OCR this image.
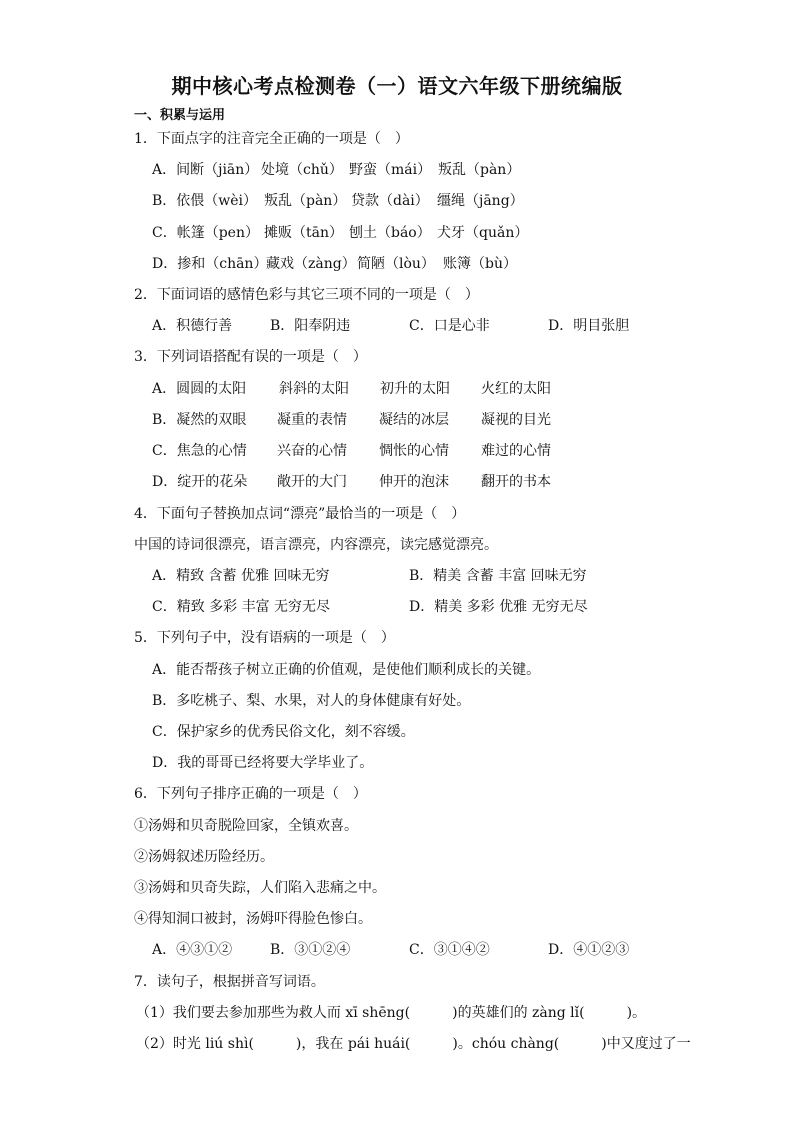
期中核心考点检测卷（一）语文六年级下册统编版
一、积累与运用
1．下面点字的注音完全正确的一项是（　）
A．间断（jiān） 处境（chǔ） 野蛮（mái） 叛乱（pàn）
B．依偎（wèi） 叛乱（pàn） 贷款（dài） 缰绳（jāng）
C．帐篷（pen） 摊贩（tān） 刨土（báo） 犬牙（quǎn）
D．掺和（chān）
藏戏（zàng） 简陋（lòu） 账簿（bù）
2．下面词语的感情色彩与其它三项不同的一项是（　）
A．积德行善	B．阳奉阴违	C．口是心非	D．明目张胆
3．下列词语搭配有误的一项是（　）
A．圆圆的太阳 斜斜的太阳 初升的太阳 火红的太阳
B．凝然的双眼 凝重的表情 凝结的冰层 凝视的目光
C．焦急的心情 兴奋的心情 惆怅的心情 难过的心情
D．绽开的花朵 敞开的大门 伸开的泡沫 翻开的书本
4．下面句子替换加点词“漂亮”最恰当的一项是（　）
中国的诗词很漂亮，语言漂亮，内容漂亮，读完感觉漂亮。
A．精致 含蓄 优雅 回味无穷	B．精美 含蓄 丰富 回味无穷
C．精致 多彩 丰富 无穷无尽	D．精美 多彩 优雅 无穷无尽
5．下列句子中，没有语病的一项是（　）
A．能否帮孩子树立正确的价值观，是使他们顺利成长的关键。
B．多吃桃子、梨、水果，对人的身体健康有好处。
C．保护家乡的优秀民俗文化，刻不容缓。
D．我的哥哥已经将要大学毕业了。
6．下列句子排序正确的一项是（　）
①汤姆和贝奇脱险回家，全镇欢喜。
②汤姆叙述历险经历。
③汤姆和贝奇失踪，人们陷入悲痛之中。
④得知洞口被封，汤姆吓得脸色惨白。
A．④③①②	B．③①②④	C．③①④②	D．④①②③
7．读句子，根据拼音写词语。
（1）我们要去参加那些为救人而 xī shēng(　　　)的英雄们的 zàng lǐ(　　　)。
（2）时光 liú shì(　　　)，我在 pái huái(　　　)。chóu chàng(　　　)中又度过了一
